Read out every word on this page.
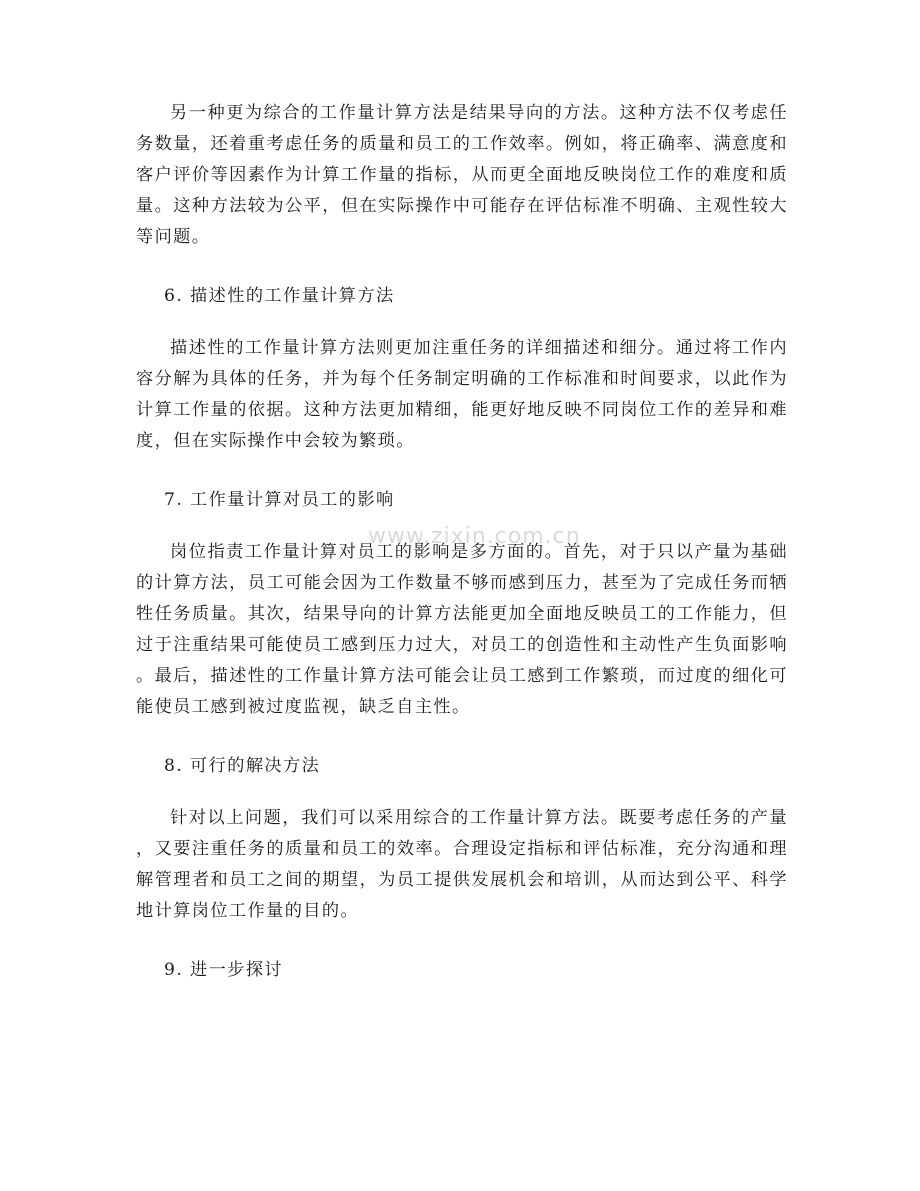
另一种更为综合的工作量计算方法是结果导向的方法。这种方法不仅考虑任务数量，还着重考虑任务的质量和员工的工作效率。例如，将正确率、满意度和客户评价等因素作为计算工作量的指标，从而更全面地反映岗位工作的难度和质量。这种方法较为公平，但在实际操作中可能存在评估标准不明确、主观性较大等问题。

6. 描述性的工作量计算方法

描述性的工作量计算方法则更加注重任务的详细描述和细分。通过将工作内容分解为具体的任务，并为每个任务制定明确的工作标准和时间要求，以此作为计算工作量的依据。这种方法更加精细，能更好地反映不同岗位工作的差异和难度，但在实际操作中会较为繁琐。

7. 工作量计算对员工的影响

岗位指责工作量计算对员工的影响是多方面的。首先，对于只以产量为基础的计算方法，员工可能会因为工作数量不够而感到压力，甚至为了完成任务而牺牲任务质量。其次，结果导向的计算方法能更加全面地反映员工的工作能力，但过于注重结果可能使员工感到压力过大，对员工的创造性和主动性产生负面影响。最后，描述性的工作量计算方法可能会让员工感到工作繁琐，而过度的细化可能使员工感到被过度监视，缺乏自主性。

8. 可行的解决方法

针对以上问题，我们可以采用综合的工作量计算方法。既要考虑任务的产量，又要注重任务的质量和员工的效率。合理设定指标和评估标准，充分沟通和理解管理者和员工之间的期望，为员工提供发展机会和培训，从而达到公平、科学地计算岗位工作量的目的。

9. 进一步探讨

www.zixin.com.cn
